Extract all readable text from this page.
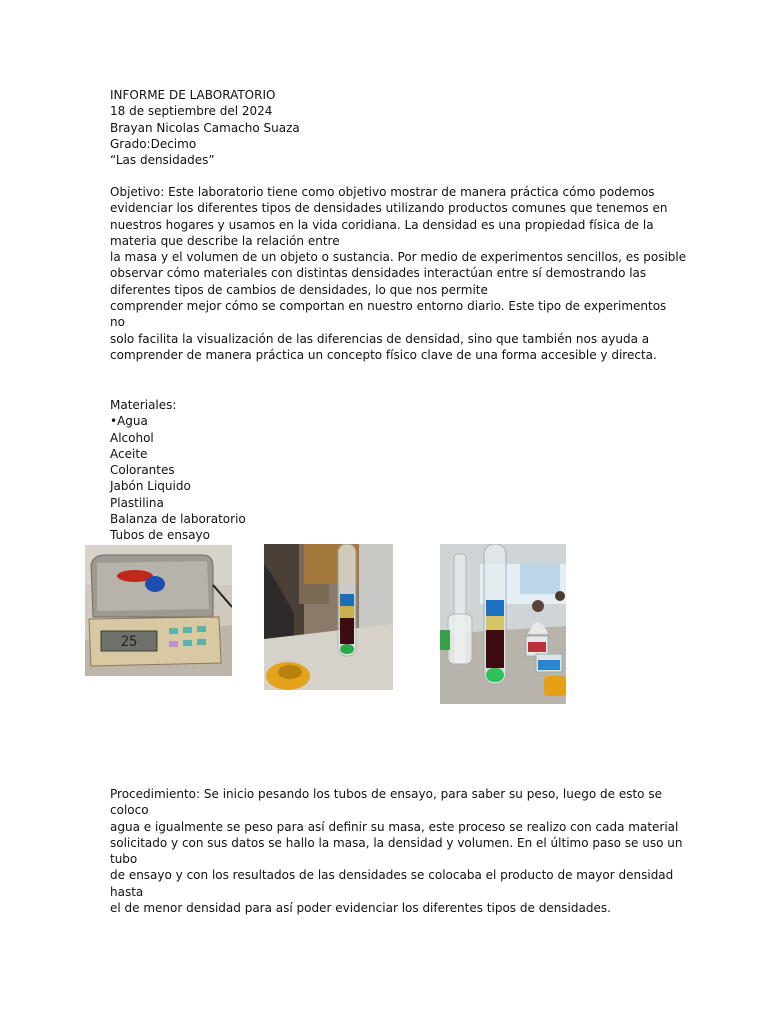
INFORME DE LABORATORIO
18 de septiembre del 2024
Brayan Nicolas Camacho Suaza
Grado:Decimo
“Las densidades”
Objetivo: Este laboratorio tiene como objetivo mostrar de manera práctica cómo podemos
evidenciar los diferentes tipos de densidades utilizando productos comunes que tenemos en
nuestros hogares y usamos en la vida coridiana. La densidad es una propiedad física de la
materia que describe la relación entre
la masa y el volumen de un objeto o sustancia. Por medio de experimentos sencillos, es posible
observar cómo materiales con distintas densidades interactúan entre sí demostrando las
diferentes tipos de cambios de densidades, lo que nos permite
comprender mejor cómo se comportan en nuestro entorno diario. Este tipo de experimentos
no
solo facilita la visualización de las diferencias de densidad, sino que también nos ayuda a
comprender de manera práctica un concepto físico clave de una forma accesible y directa.
Materiales:
•Agua
Alcohol
Aceite
Colorantes
Jabón Liquido
Plastilina
Balanza de laboratorio
Tubos de ensayo
25
Procedimiento: Se inicio pesando los tubos de ensayo, para saber su peso, luego de esto se
coloco
agua e igualmente se peso para así definir su masa, este proceso se realizo con cada material
solicitado y con sus datos se hallo la masa, la densidad y volumen. En el último paso se uso un
tubo
de ensayo y con los resultados de las densidades se colocaba el producto de mayor densidad
hasta
el de menor densidad para así poder evidenciar los diferentes tipos de densidades.
